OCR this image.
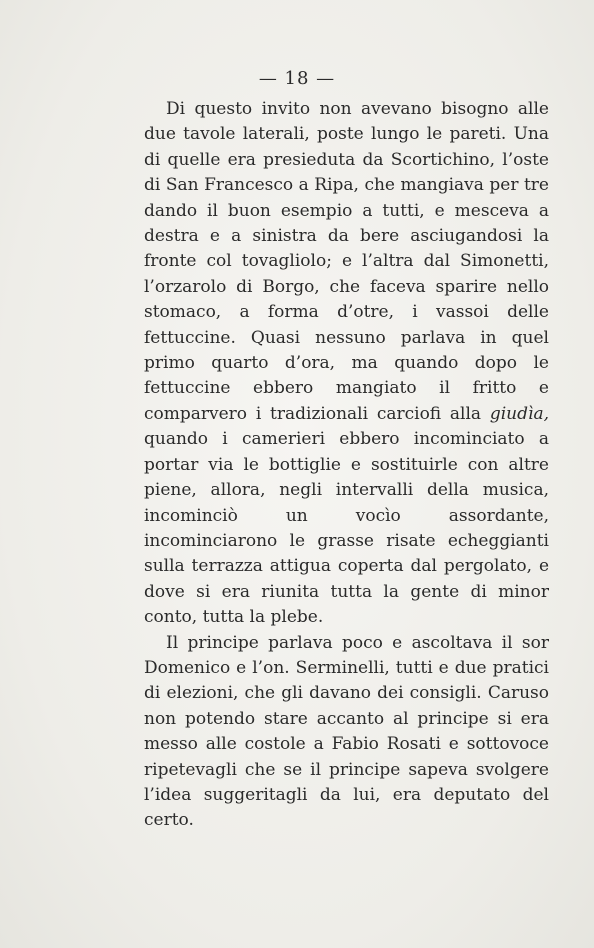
— 18 —

Di questo invito non avevano bisogno alle due tavole laterali, poste lungo le pareti. Una di quelle era presieduta da Scortichino, l’oste di San Francesco a Ripa, che mangiava per tre dando il buon esempio a tutti, e mesceva a destra e a sinistra da bere asciugandosi la fronte col tovagliolo; e l’altra dal Simonetti, l’orzarolo di Borgo, che faceva sparire nello stomaco, a forma d’otre, i vassoi delle fettuccine. Quasi nessuno parlava in quel primo quarto d’ora, ma quando dopo le fettuccine ebbero mangiato il fritto e comparvero i tradizionali carciofi alla giudìa, quando i camerieri ebbero incominciato a portar via le bottiglie e sostituirle con altre piene, allora, negli intervalli della musica, incominciò un vocìo assordante, incominciarono le grasse risate echeggianti sulla terrazza attigua coperta dal pergolato, e dove si era riunita tutta la gente di minor conto, tutta la plebe.

Il principe parlava poco e ascoltava il sor Domenico e l’on. Serminelli, tutti e due pratici di elezioni, che gli davano dei consigli. Caruso non potendo stare accanto al principe si era messo alle costole a Fabio Rosati e sottovoce ripetevagli che se il principe sapeva svolgere l’idea suggeritagli da lui, era deputato del certo.
